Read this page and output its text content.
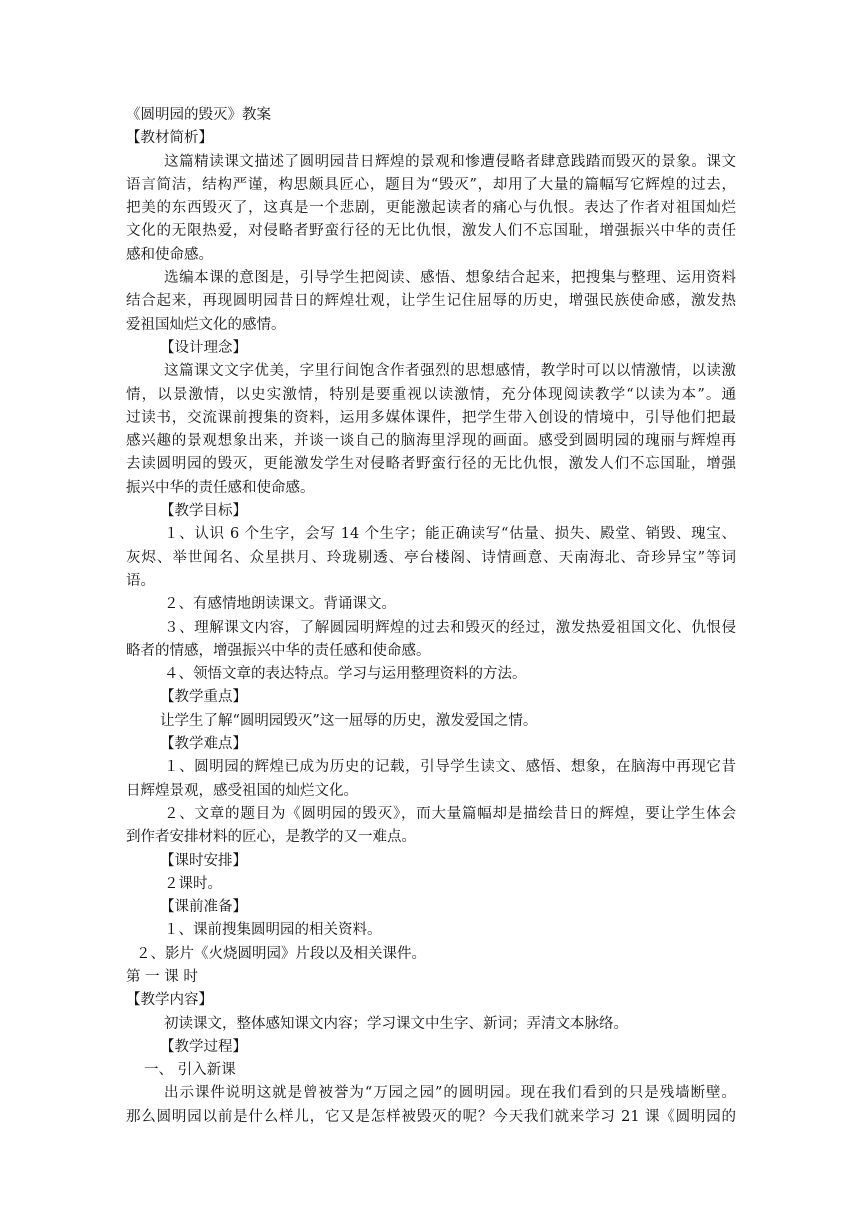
《圆明园的毁灭》教案
【教材简析】
这篇精读课文描述了圆明园昔日辉煌的景观和惨遭侵略者肆意践踏而毁灭的景象。课文
语言简洁，结构严谨，构思颇具匠心，题目为“毁灭”，却用了大量的篇幅写它辉煌的过去，
把美的东西毁灭了，这真是一个悲剧，更能激起读者的痛心与仇恨。表达了作者对祖国灿烂
文化的无限热爱，对侵略者野蛮行径的无比仇恨，激发人们不忘国耻，增强振兴中华的责任
感和使命感。
选编本课的意图是，引导学生把阅读、感悟、想象结合起来，把搜集与整理、运用资料
结合起来，再现圆明园昔日的辉煌壮观，让学生记住屈辱的历史，增强民族使命感，激发热
爱祖国灿烂文化的感情。
【设计理念】
这篇课文文字优美，字里行间饱含作者强烈的思想感情，教学时可以以情激情，以读激
情，以景激情，以史实激情，特别是要重视以读激情，充分体现阅读教学“以读为本”。通
过读书，交流课前搜集的资料，运用多媒体课件，把学生带入创设的情境中，引导他们把最
感兴趣的景观想象出来，并谈一谈自己的脑海里浮现的画面。感受到圆明园的瑰丽与辉煌再
去读圆明园的毁灭，更能激发学生对侵略者野蛮行径的无比仇恨，激发人们不忘国耻，增强
振兴中华的责任感和使命感。
【教学目标】
１、认识 6 个生字，会写 14 个生字；能正确读写“估量、损失、殿堂、销毁、瑰宝、
灰烬、举世闻名、众星拱月、玲珑剔透、亭台楼阁、诗情画意、天南海北、奇珍异宝”等词
语。
２、有感情地朗读课文。背诵课文。
３、理解课文内容，了解圆园明辉煌的过去和毁灭的经过，激发热爱祖国文化、仇恨侵
略者的情感，增强振兴中华的责任感和使命感。
４、领悟文章的表达特点。学习与运用整理资料的方法。
【教学重点】
让学生了解“圆明园毁灭”这一屈辱的历史，激发爱国之情。
【教学难点】
１、圆明园的辉煌已成为历史的记载，引导学生读文、感悟、想象，在脑海中再现它昔
日辉煌景观，感受祖国的灿烂文化。
２、文章的题目为《圆明园的毁灭》，而大量篇幅却是描绘昔日的辉煌，要让学生体会
到作者安排材料的匠心，是教学的又一难点。
【课时安排】
２课时。
【课前准备】
１、课前搜集圆明园的相关资料。
２、影片《火烧圆明园》片段以及相关课件。
第 一 课 时
【教学内容】
初读课文，整体感知课文内容；学习课文中生字、新词；弄清文本脉络。
【教学过程】
一、 引入新课
出示课件说明这就是曾被誉为“万园之园”的圆明园。现在我们看到的只是残墙断壁。
那么圆明园以前是什么样儿，它又是怎样被毁灭的呢？今天我们就来学习 21 课《圆明园的
